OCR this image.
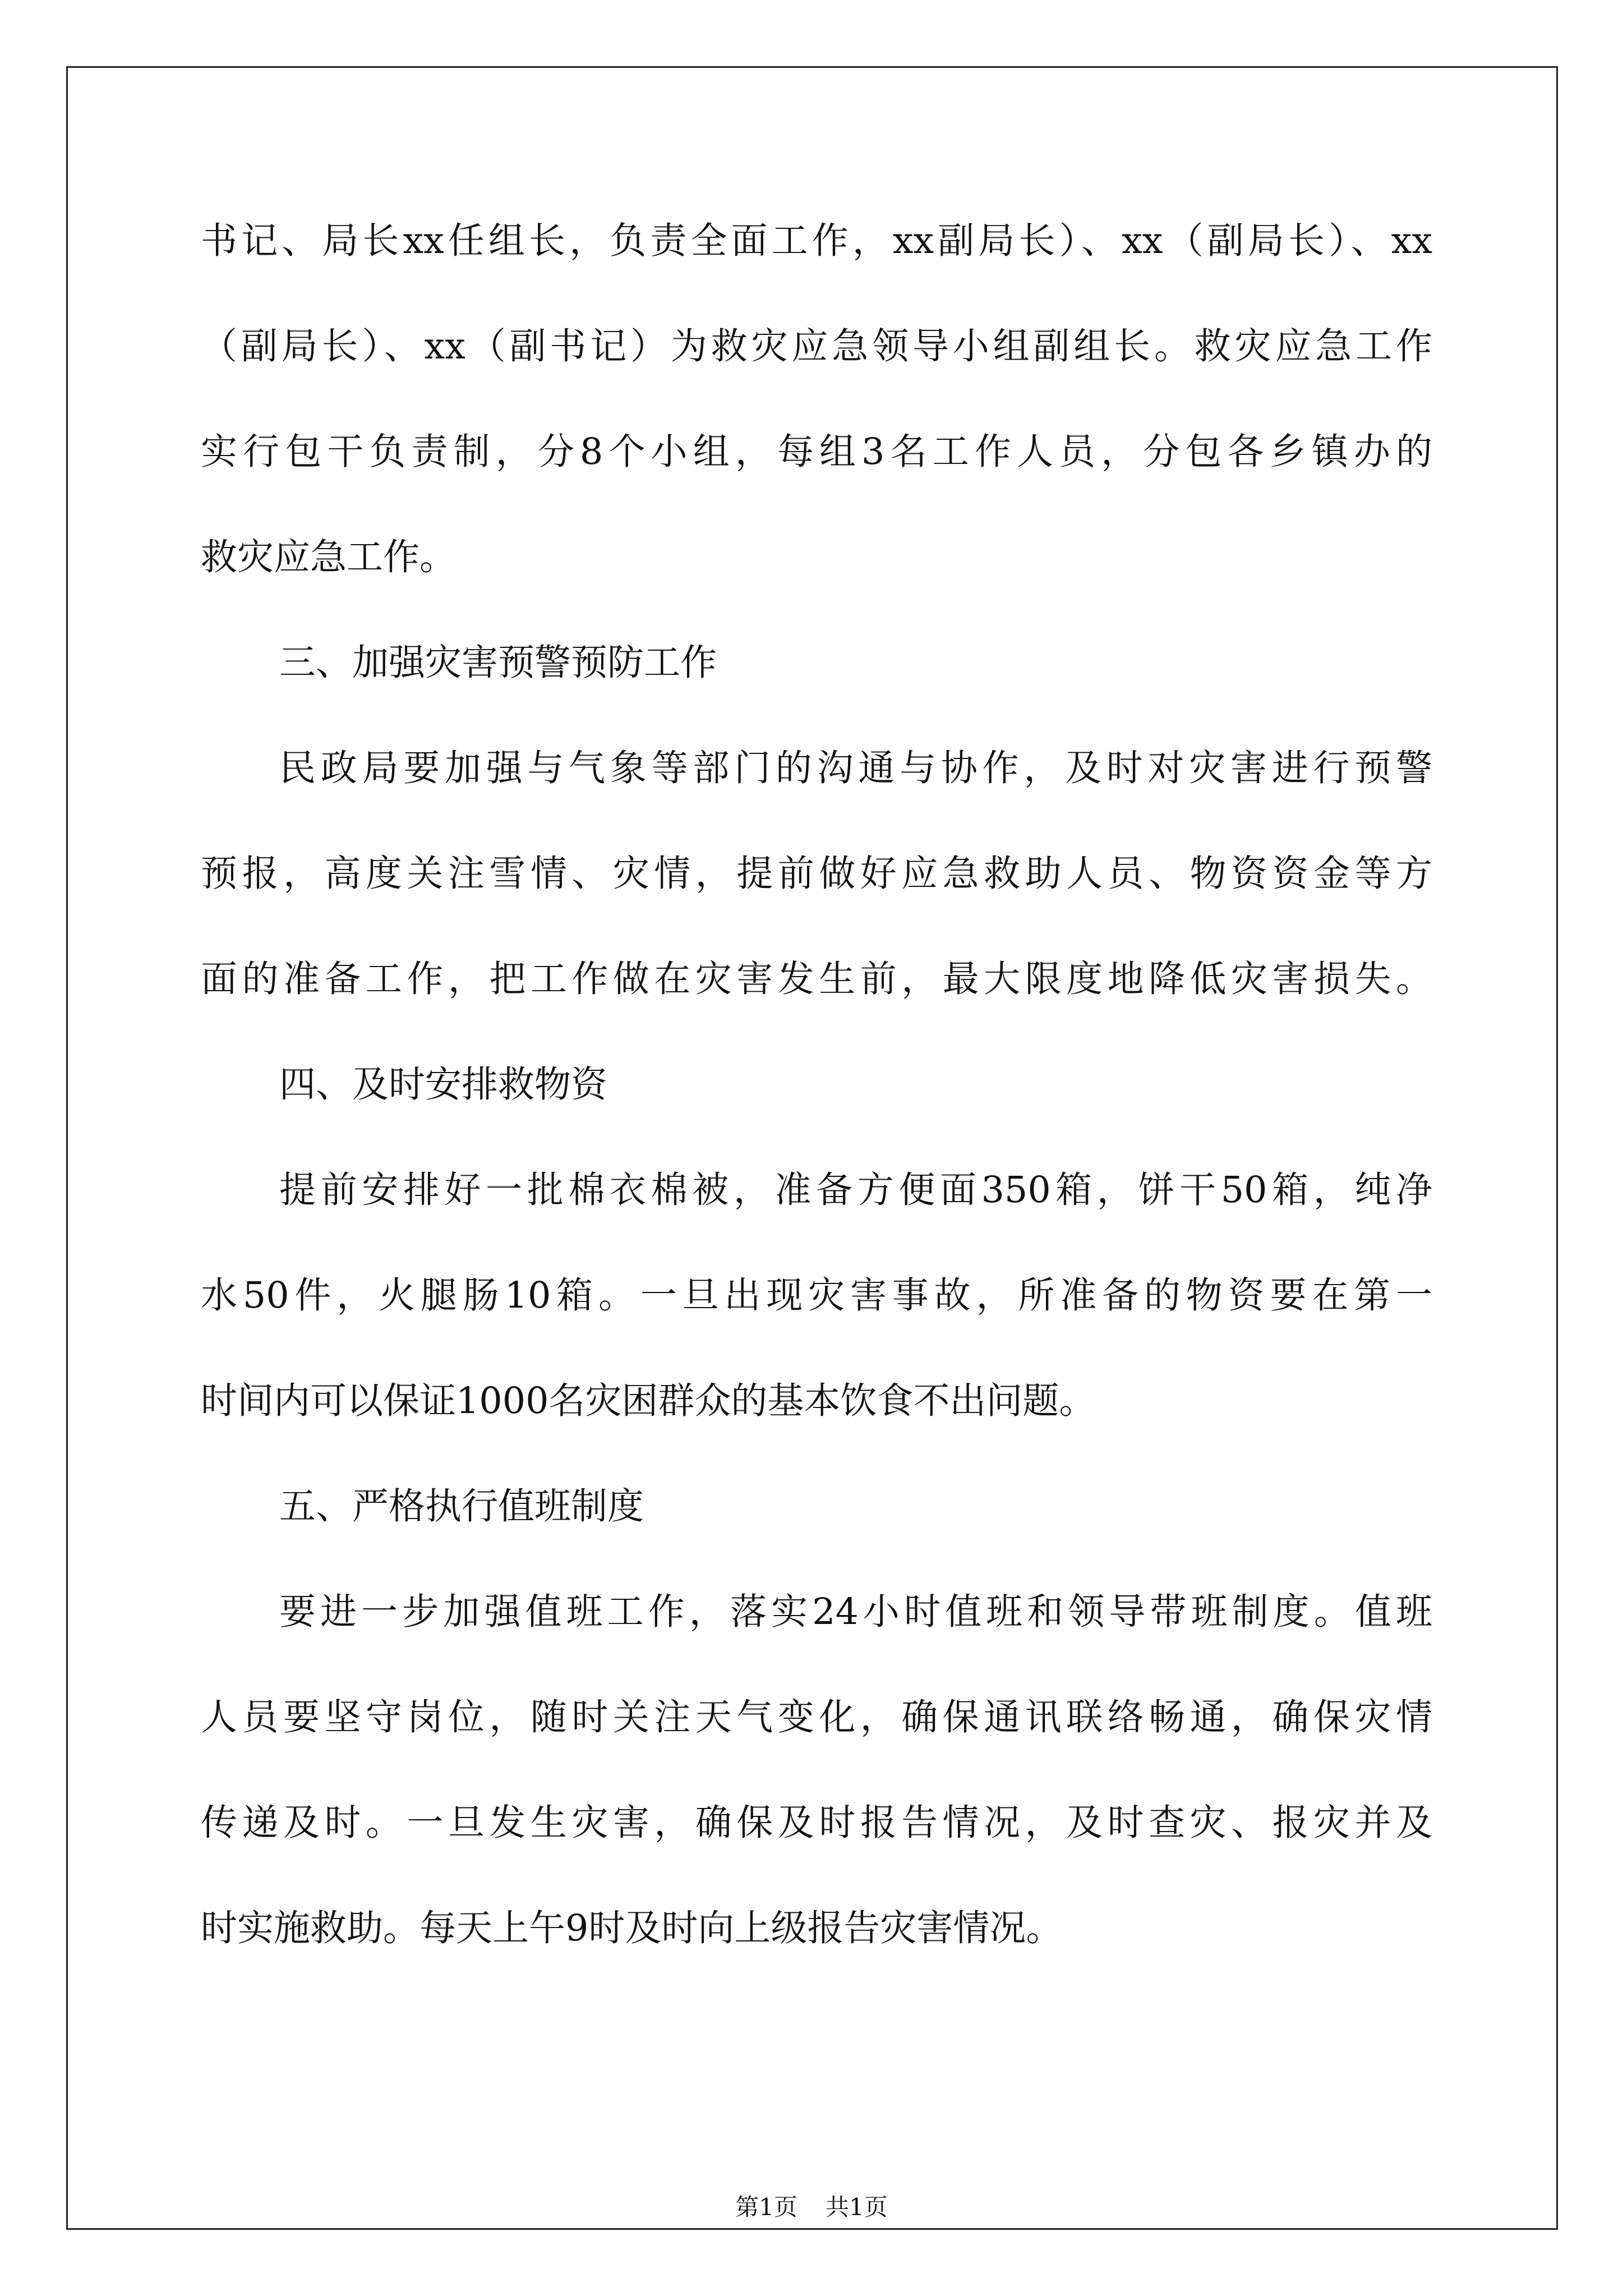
书记、局长xx任组长，负责全面工作，xx副局长）、xx（副局长）、xx
（副局长）、xx（副书记）为救灾应急领导小组副组长。救灾应急工作
实行包干负责制，分8个小组，每组3名工作人员，分包各乡镇办的
救灾应急工作。
三、加强灾害预警预防工作
民政局要加强与气象等部门的沟通与协作，及时对灾害进行预警
预报，高度关注雪情、灾情，提前做好应急救助人员、物资资金等方
面的准备工作，把工作做在灾害发生前，最大限度地降低灾害损失。
四、及时安排救物资
提前安排好一批棉衣棉被，准备方便面350箱，饼干50箱，纯净
水50件，火腿肠10箱。一旦出现灾害事故，所准备的物资要在第一
时间内可以保证1000名灾困群众的基本饮食不出问题。
五、严格执行值班制度
要进一步加强值班工作，落实24小时值班和领导带班制度。值班
人员要坚守岗位，随时关注天气变化，确保通讯联络畅通，确保灾情
传递及时。一旦发生灾害，确保及时报告情况，及时查灾、报灾并及
时实施救助。每天上午9时及时向上级报告灾害情况。
第1页 共1页
